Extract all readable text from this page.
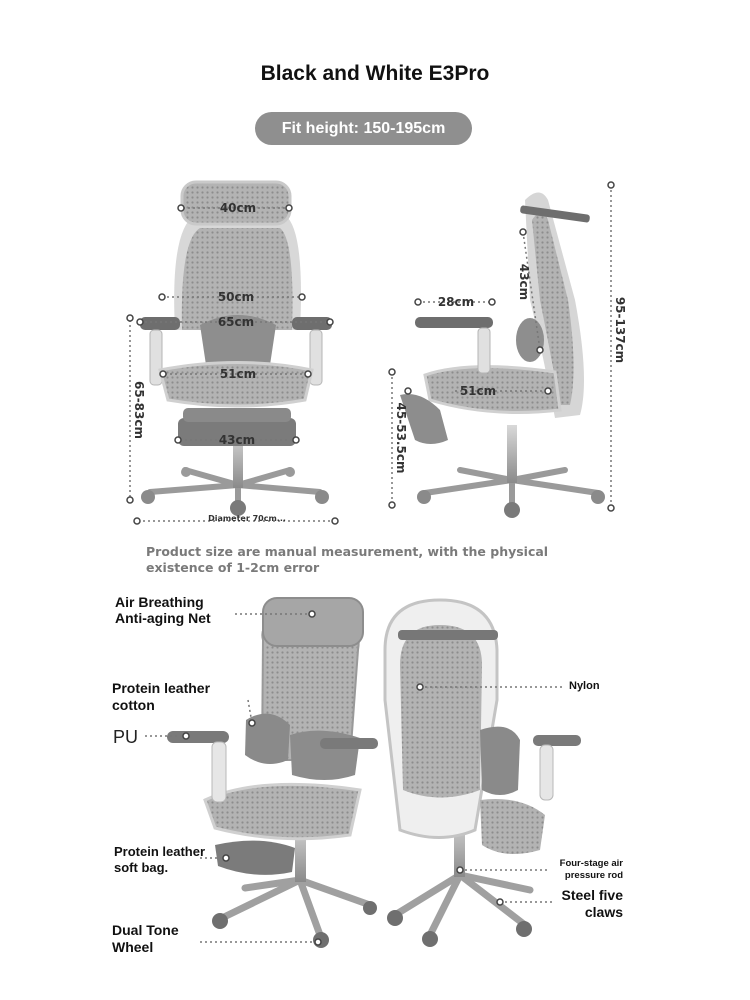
Black and White E3Pro
Fit height: 150-195cm
40cm
50cm
65cm
51cm
43cm
65-83cm
Diameter 70cm...
28cm
43cm
51cm
45-53.5cm
95-137cm
Product size are manual measurement, with the physical existence of 1-2cm error
Air Breathing
Anti-aging Net
Protein leather
cotton
PU
Protein leather
soft bag.
Dual Tone
Wheel
Nylon
Four-stage air
pressure rod
Steel five
claws
